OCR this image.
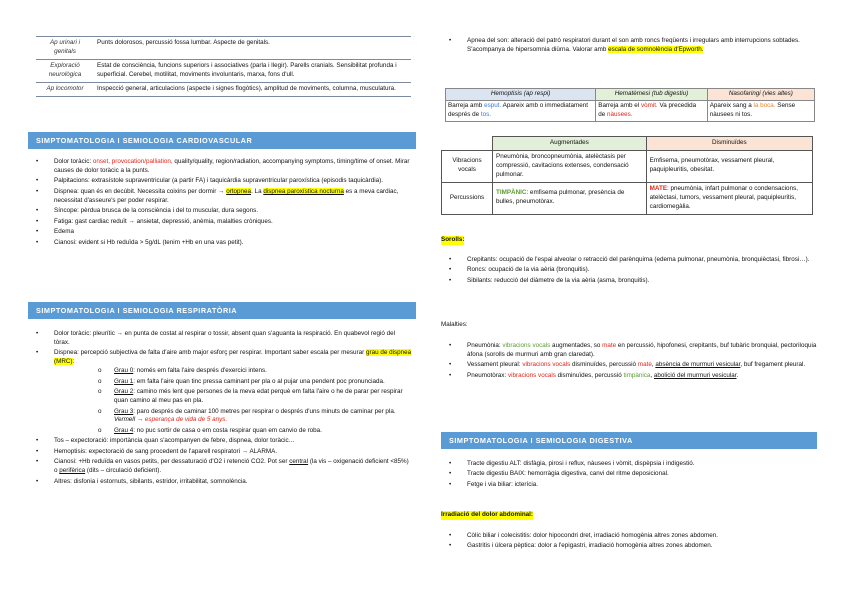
Ap urinari i genitals	Punts dolorosos, percussió fossa lumbar. Aspecte de genitals.
Exploració neurològica	Estat de consciència, funcions superiors i associatives (parla i llegir). Parells cranials. Sensibilitat profunda i superficial. Cerebel, motilitat, moviments involuntaris, marxa, fons d'ull.
Ap locomotor	Inspecció general, articulacions (aspecte i signes flogòtics), amplitud de moviments, columna, musculatura.
SIMPTOMATOLOGIA I SEMIOLOGIA CARDIOVASCULAR
• Dolor toràcic: onset, provocation/palliation, quality/quality, region/radiation, accompanying symptoms, timing/time of onset. Mirar causes de dolor toràcic a la punts.
• Palpitacions: extrasístole supraventricular (a partir FA) i taquicàrdia supraventricular paroxística (episodis taquicàrdia).
• Dispnea: quan és en decúbit. Necessita coixins per dormir → ortopnea. La dispnea paroxística nocturna es a meva cardiac, necessitat d'asseure's per poder respirar.
• Síncope: pèrdua brusca de la consciència i del to muscular, dura segons.
• Fatiga: gast cardiac reduït → ansietat, depressió, anèmia, malalties cròniques.
• Edema
• Cianosi: evident si Hb reduïda > 5g/dL (tenim +Hb en una vas petit).
SIMPTOMATOLOGIA I SEMIOLOGIA RESPIRATÒRIA
• Dolor toràcic: pleurític → en punta de costat al respirar o tossir, absent quan s'aguanta la respiració. En quabevol regió del tòrax.
• Dispnea: percepció subjectiva de falta d'aire amb major esforç per respirar. Important saber escala per mesurar grau de dispnea (MRC):
o Grau 0: només em falta l'aire després d'exercici intens.
o Grau 1: em falta l'aire quan tinc pressa caminant per pla o al pujar una pendent poc pronunciada.
o Grau 2: camino més lent que persones de la meva edat perquè em falta l'aire o he de parar per respirar quan camino al meu pas en pla.
o Grau 3: paro després de caminar 100 metres per respirar o després d'uns minuts de caminar per pla. Vermell → esperança de vida de 5 anys.
o Grau 4: no puc sortir de casa o em costa respirar quan em canvio de roba.
• Tos – expectoració: importància quan s'acompanyen de febre, dispnea, dolor toràcic…
• Hemoptisis: expectoració de sang procedent de l'aparell respiratori → ALARMA.
• Cianosi: +Hb reduïda en vasos petits, per dessaturació d'O2 i retenció CO2. Pot ser central (la vis – oxigenació deficient <85%) o perifèrica (dits – circulació deficient).
• Altres: disfonia i estornuts, sibilants, estridor, irritabilitat, somnolència.
• Apnea del son: alteració del patró respiratori durant el son amb roncs freqüents i irregulars amb interrupcions sobtades. S'acompanya de hipersomnia diürna. Valorar amb escala de somnolència d'Epworth.
Hemoptisis (ap respi)	Hematèmesi (tub digestiu)	Nasofaringi (vies altes)
Barreja amb esput. Apareix amb o immediatament després de tos.	Barreja amb el vòmit. Va precedida de nàusees.	Apareix sang a la boca. Sense nàusees ni tos.
	Augmentades	Disminuïdes
Vibracions vocals	Pneumònia, broncopneumònia, atelèctasis per compressió, cavitacions extenses, condensació pulmonar.	Emfisema, pneumotòrax, vessament pleural, paquipleuritis, obesitat.
Percussions	TIMPÀNIC: emfisema pulmonar, presència de bulles, pneumotòrax.	MATE: pneumònia, infart pulmonar o condensacions, atelèctasi, tumors, vessament pleural, paquipleuritis, cardiomegàlia.
Sorolls:
• Crepitants: ocupació de l'espai alveolar o retracció del parènquima (edema pulmonar, pneumònia, bronquièctasi, fibrosi…).
• Roncs: ocupació de la via aèria (bronquitis).
• Sibilants: reducció del diàmetre de la via aèria (asma, bronquitis).
Malalties:
• Pneumònia: vibracions vocals augmentades, so mate en percussió, hipofonesi, crepitants, buf tubàric bronquial, pectoriloquia àfona (sorolls de murmuri amb gran claredat).
• Vessament pleural: vibracions vocals disminuïdes, percussió mate, absència de murmuri vesicular, buf fregament pleural.
• Pneumotòrax: vibracions vocals disminuïdes, percussió timpànica, abolició del murmuri vesicular.
SIMPTOMATOLOGIA I SEMIOLOGIA DIGESTIVA
• Tracte digestiu ALT: disfàgia, pirosi i reflux, nàusees i vòmit, dispèpsia i indigestió.
• Tracte digestiu BAIX: hemorràgia digestiva, canvi del ritme deposicional.
• Fetge i via biliar: icterícia.
Irradiació del dolor abdominal:
• Còlic biliar i colecistitis: dolor hipocondri dret, irradiació homogènia altres zones abdomen.
• Gastritis i úlcera pèptica: dolor a l'epigastri, irradiació homogènia altres zones abdomen.
